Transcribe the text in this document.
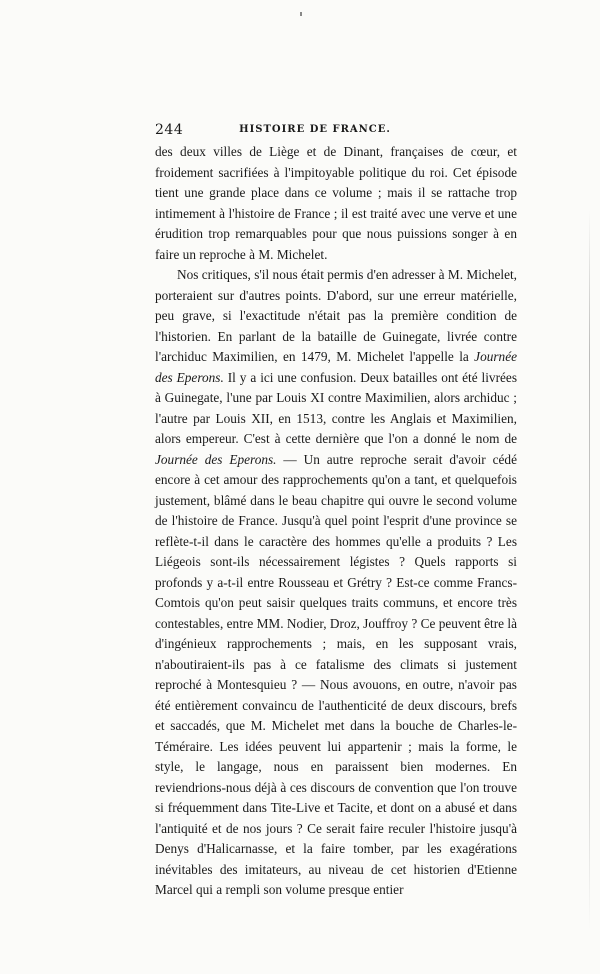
244	HISTOIRE DE FRANCE.

des deux villes de Liège et de Dinant, françaises de cœur, et froidement sacrifiées à l'impitoyable politique du roi. Cet épisode tient une grande place dans ce volume ; mais il se rattache trop intimement à l'histoire de France ; il est traité avec une verve et une érudition trop remarquables pour que nous puissions songer à en faire un reproche à M. Michelet.

Nos critiques, s'il nous était permis d'en adresser à M. Michelet, porteraient sur d'autres points. D'abord, sur une erreur matérielle, peu grave, si l'exactitude n'était pas la première condition de l'historien. En parlant de la bataille de Guinegate, livrée contre l'archiduc Maximilien, en 1479, M. Michelet l'appelle la Journée des Eperons. Il y a ici une confusion. Deux batailles ont été livrées à Guinegate, l'une par Louis XI contre Maximilien, alors archiduc ; l'autre par Louis XII, en 1513, contre les Anglais et Maximilien, alors empereur. C'est à cette dernière que l'on a donné le nom de Journée des Eperons. — Un autre reproche serait d'avoir cédé encore à cet amour des rapprochements qu'on a tant, et quelquefois justement, blâmé dans le beau chapitre qui ouvre le second volume de l'histoire de France. Jusqu'à quel point l'esprit d'une province se reflète-t-il dans le caractère des hommes qu'elle a produits ? Les Liégeois sont-ils nécessairement légistes ? Quels rapports si profonds y a-t-il entre Rousseau et Grétry ? Est-ce comme Francs-Comtois qu'on peut saisir quelques traits communs, et encore très contestables, entre MM. Nodier, Droz, Jouffroy ? Ce peuvent être là d'ingénieux rapprochements ; mais, en les supposant vrais, n'aboutiraient-ils pas à ce fatalisme des climats si justement reproché à Montesquieu ? — Nous avouons, en outre, n'avoir pas été entièrement convaincu de l'authenticité de deux discours, brefs et saccadés, que M. Michelet met dans la bouche de Charles-le-Téméraire. Les idées peuvent lui appartenir ; mais la forme, le style, le langage, nous en paraissent bien modernes. En reviendrions-nous déjà à ces discours de convention que l'on trouve si fréquemment dans Tite-Live et Tacite, et dont on a abusé et dans l'antiquité et de nos jours ? Ce serait faire reculer l'histoire jusqu'à Denys d'Halicarnasse, et la faire tomber, par les exagérations inévitables des imitateurs, au niveau de cet historien d'Etienne Marcel qui a rempli son volume presque entier
